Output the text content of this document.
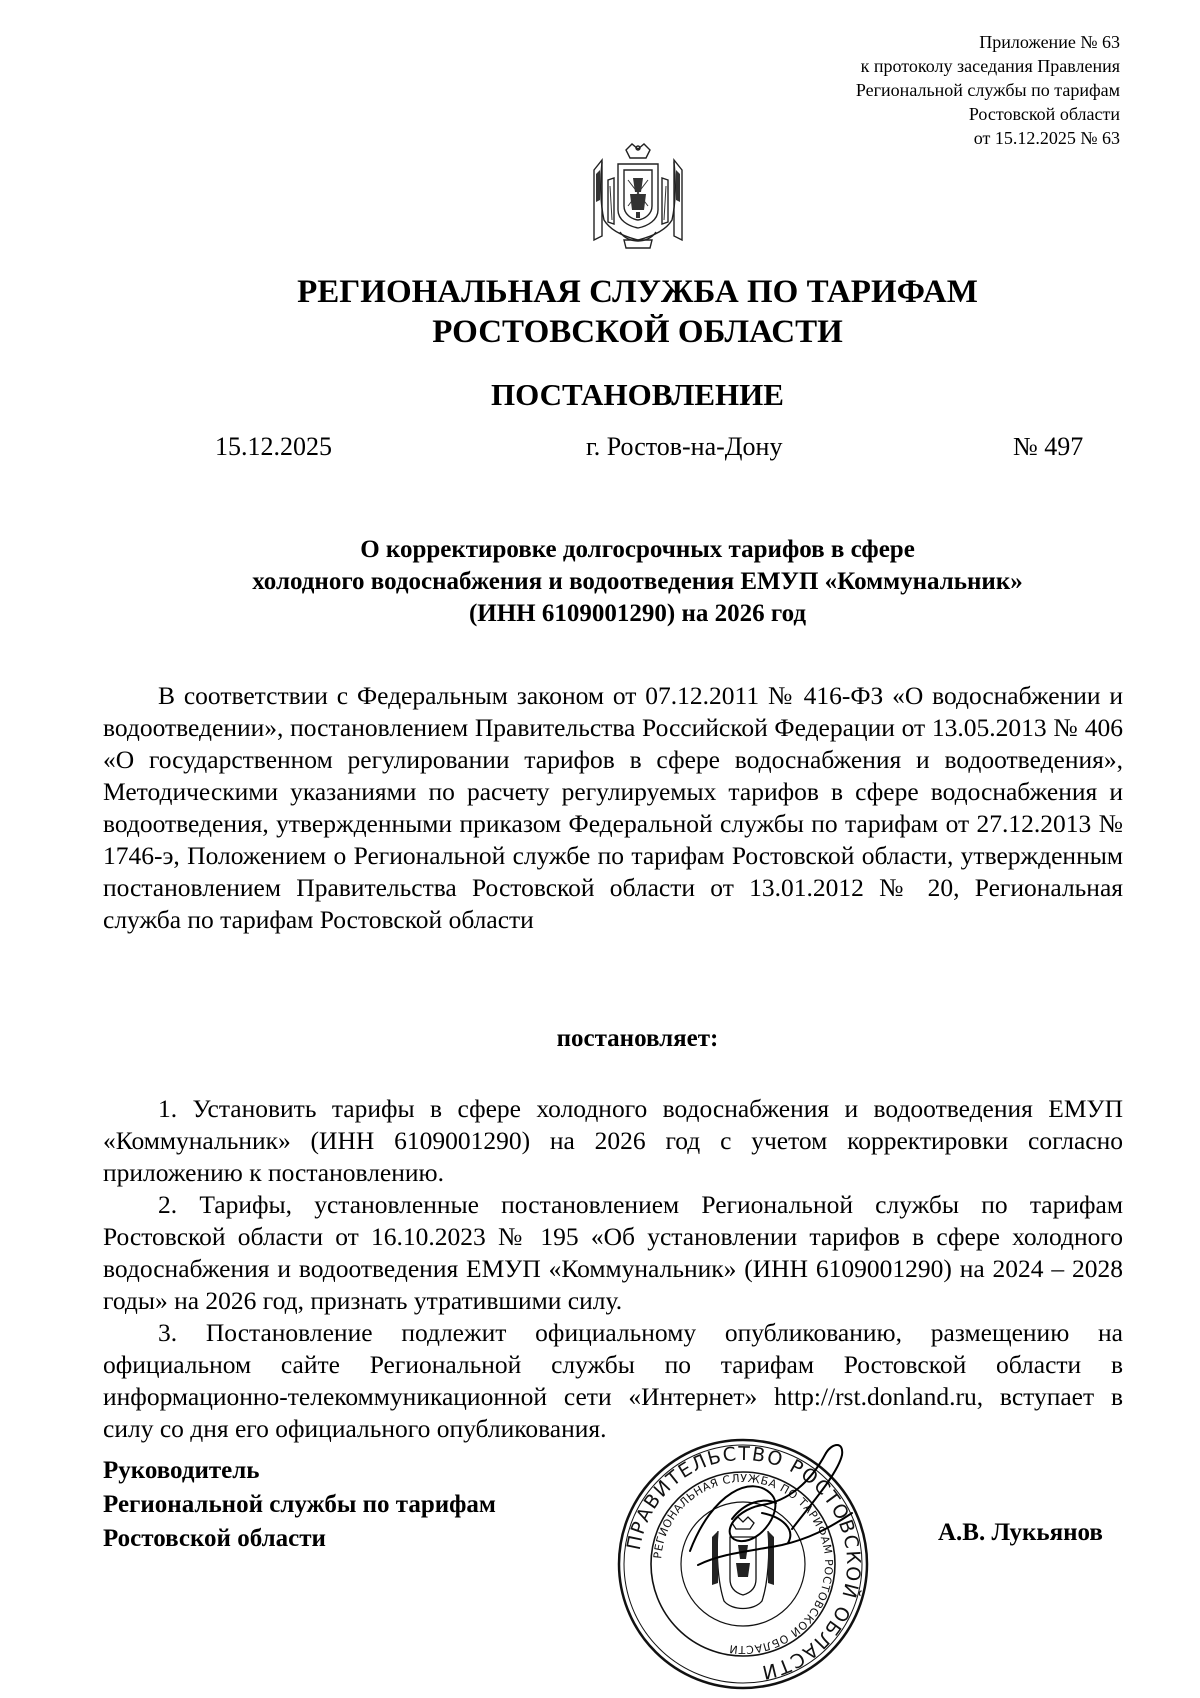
Приложение № 63
к протоколу заседания Правления
Региональной службы по тарифам
Ростовской области
от 15.12.2025 № 63
РЕГИОНАЛЬНАЯ СЛУЖБА ПО ТАРИФАМ
РОСТОВСКОЙ ОБЛАСТИ
ПОСТАНОВЛЕНИЕ
15.12.2025	г. Ростов-на-Дону	№ 497
О корректировке долгосрочных тарифов в сфере
холодного водоснабжения и водоотведения ЕМУП «Коммунальник»
(ИНН 6109001290) на 2026 год

В соответствии с Федеральным законом от 07.12.2011 № 416-ФЗ «О водоснабжении и водоотведении», постановлением Правительства Российской Федерации от 13.05.2013 № 406 «О государственном регулировании тарифов в сфере водоснабжения и водоотведения», Методическими указаниями по расчету регулируемых тарифов в сфере водоснабжения и водоотведения, утвержденными приказом Федеральной службы по тарифам от 27.12.2013 № 1746-э, Положением о Региональной службе по тарифам Ростовской области, утвержденным постановлением Правительства Ростовской области от 13.01.2012 № 20, Региональная служба по тарифам Ростовской области

постановляет:

1. Установить тарифы в сфере холодного водоснабжения и водоотведения ЕМУП «Коммунальник» (ИНН 6109001290) на 2026 год с учетом корректировки согласно приложению к постановлению.

2. Тарифы, установленные постановлением Региональной службы по тарифам Ростовской области от 16.10.2023 № 195 «Об установлении тарифов в сфере холодного водоснабжения и водоотведения ЕМУП «Коммунальник» (ИНН 6109001290) на 2024 – 2028 годы» на 2026 год, признать утратившими силу.

3. Постановление подлежит официальному опубликованию, размещению на официальном сайте Региональной службы по тарифам Ростовской области в информационно-телекоммуникационной сети «Интернет» http://rst.donland.ru, вступает в силу со дня его официального опубликования.

Руководитель
Региональной службы по тарифам
Ростовской области	ПРАВИТЕЛЬСТВО РОСТОВСКОЙ ОБЛАСТИ
РЕГИОНАЛЬНАЯ СЛУЖБА ПО ТАРИФАМ РОСТОВСКОЙ ОБЛАСТИ
А.В. Лукьянов
